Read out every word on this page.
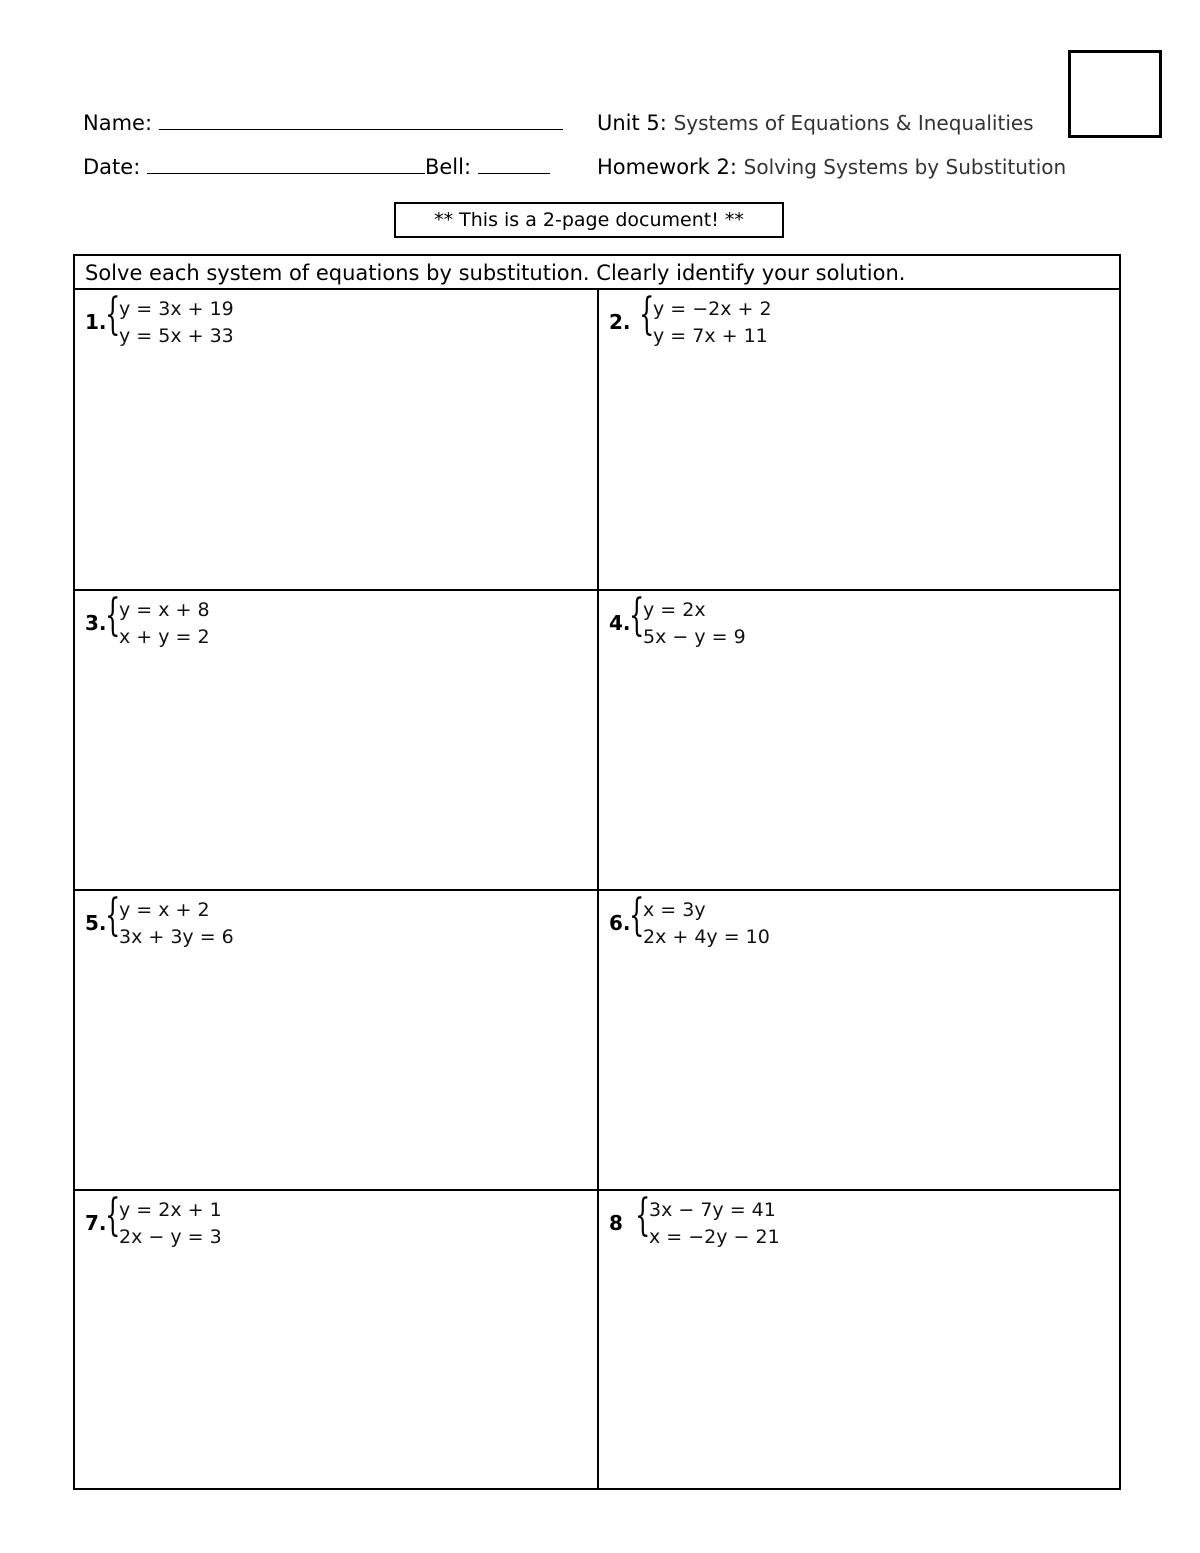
Name:
Date:	Bell:
Unit 5: Systems of Equations & Inequalities
Homework 2: Solving Systems by Substitution
** This is a 2-page document! **
Solve each system of equations by substitution. Clearly identify your solution.
1.
{
y = 3x + 19
y = 5x + 33
2. {
y = −2x + 2
y = 7x + 11
3.
{
y = x + 8
x + y = 2
4.
{
y = 2x
5x − y = 9
5.
{
y = x + 2
3x + 3y = 6
6.
{
x = 3y
2x + 4y = 10
7.
{
y = 2x + 1
2x − y = 3
8 {
3x − 7y = 41
x = −2y − 21
